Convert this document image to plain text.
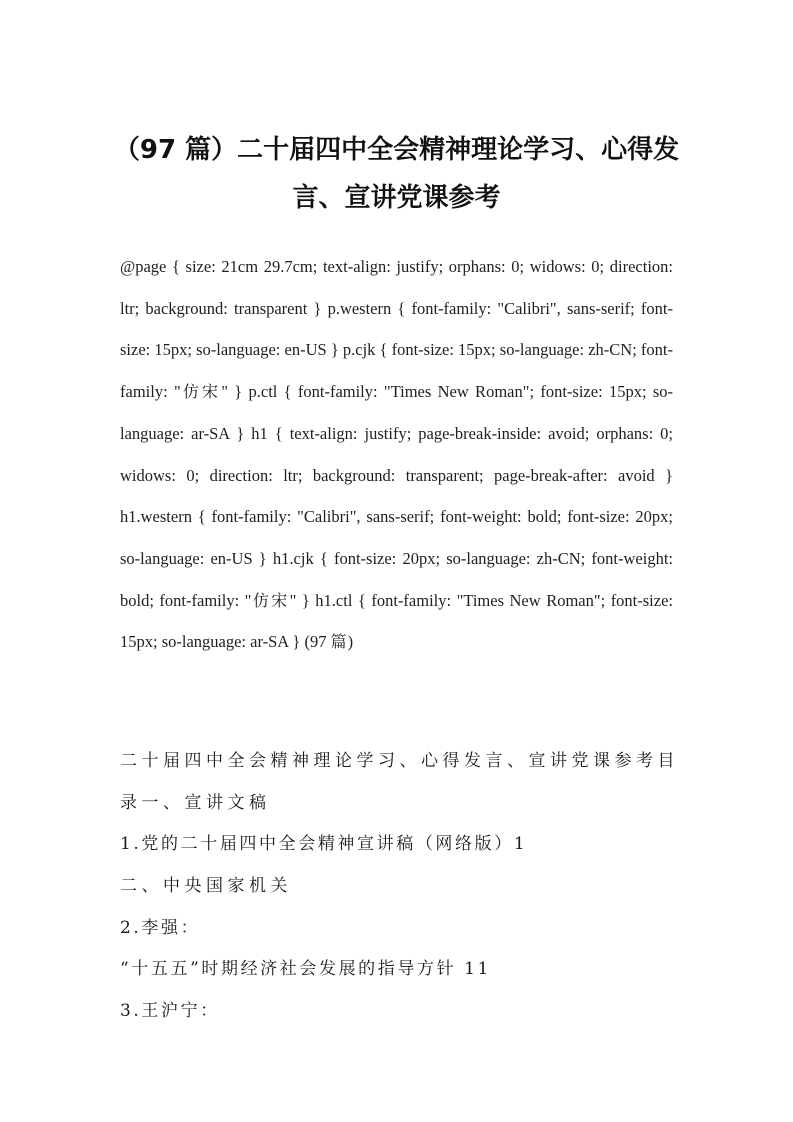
（97 篇）二十届四中全会精神理论学习、心得发言、宣讲党课参考

@page { size: 21cm 29.7cm; text-align: justify; orphans: 0; widows: 0; direction: ltr; background: transparent } p.western { font-family: "Calibri", sans-serif; font-size: 15px; so-language: en-US } p.cjk { font-size: 15px; so-language: zh-CN; font-family: "仿宋" } p.ctl { font-family: "Times New Roman"; font-size: 15px; so-language: ar-SA } h1 { text-align: justify; page-break-inside: avoid; orphans: 0; widows: 0; direction: ltr; background: transparent; page-break-after: avoid } h1.western { font-family: "Calibri", sans-serif; font-weight: bold; font-size: 20px; so-language: en-US } h1.cjk { font-size: 20px; so-language: zh-CN; font-weight: bold; font-family: "仿宋" } h1.ctl { font-family: "Times New Roman"; font-size: 15px; so-language: ar-SA } (97 篇)

二十届四中全会精神理论学习、心得发言、宣讲党课参考目
录一、宣讲文稿
1.党的二十届四中全会精神宣讲稿（网络版）1
二、中央国家机关
2.李强：
“十五五”时期经济社会发展的指导方针 11
3.王沪宁：
